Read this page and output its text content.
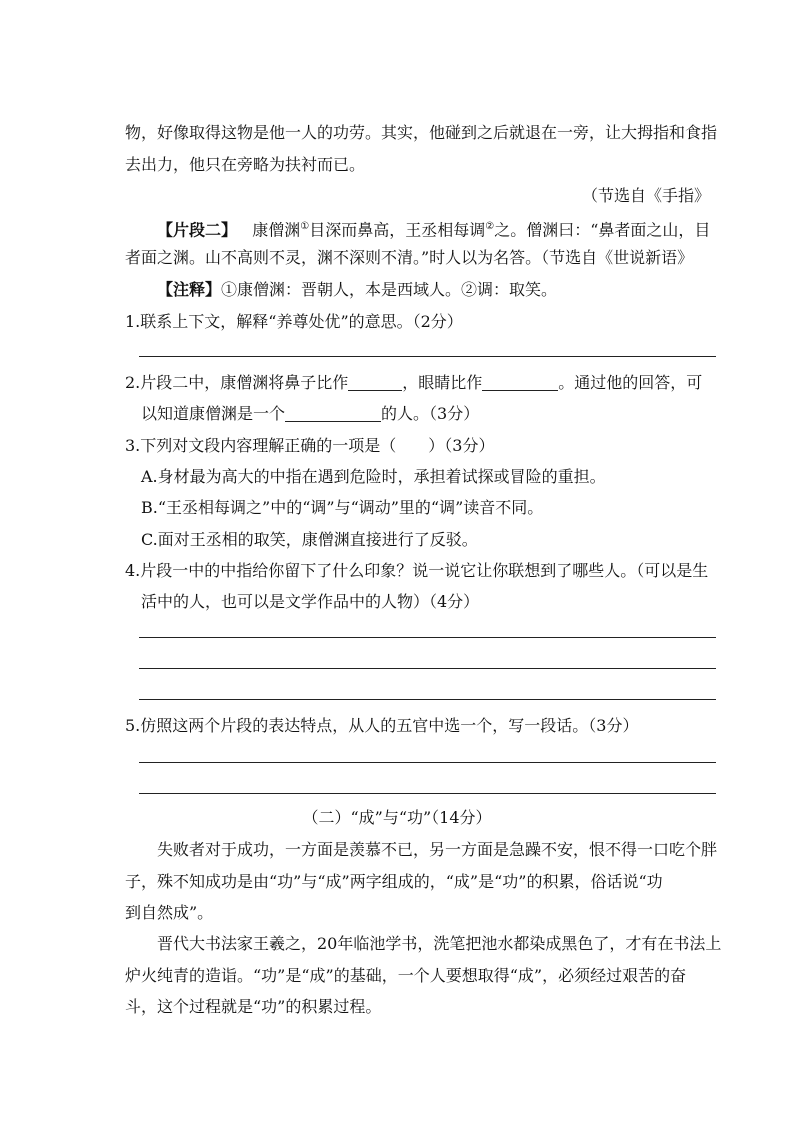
物，好像取得这物是他一人的功劳。其实，他碰到之后就退在一旁，让大拇指和食指
去出力，他只在旁略为扶衬而已。
（节选自《手指》
【片段二】 康僧渊①目深而鼻高，王丞相每调②之。僧渊曰：“鼻者面之山，目
者面之渊。山不高则不灵，渊不深则不清。”时人以为名答。（节选自《世说新语》
【注释】①康僧渊：晋朝人，本是西域人。②调：取笑。
1.联系上下文，解释“养尊处优”的意思。（2分）
2.片段二中，康僧渊将鼻子比作	，眼睛比作	。通过他的回答，可
以知道康僧渊是一个	的人。（3分）
3.下列对文段内容理解正确的一项是（　　）（3分）
A.身材最为高大的中指在遇到危险时，承担着试探或冒险的重担。
B.“王丞相每调之”中的“调”与“调动”里的“调”读音不同。
C.面对王丞相的取笑，康僧渊直接进行了反驳。
4.片段一中的中指给你留下了什么印象？说一说它让你联想到了哪些人。（可以是生
活中的人，也可以是文学作品中的人物）（4分）
5.仿照这两个片段的表达特点，从人的五官中选一个，写一段话。（3分）
（二）“成”与“功”（14分）
失败者对于成功，一方面是羡慕不已，另一方面是急躁不安，恨不得一口吃个胖
子，殊不知成功是由“功”与“成”两字组成的，“成”是“功”的积累，俗话说“功
到自然成”。
晋代大书法家王羲之，20年临池学书，洗笔把池水都染成黑色了，才有在书法上
炉火纯青的造诣。“功”是“成”的基础，一个人要想取得“成”，必须经过艰苦的奋
斗，这个过程就是“功”的积累过程。
